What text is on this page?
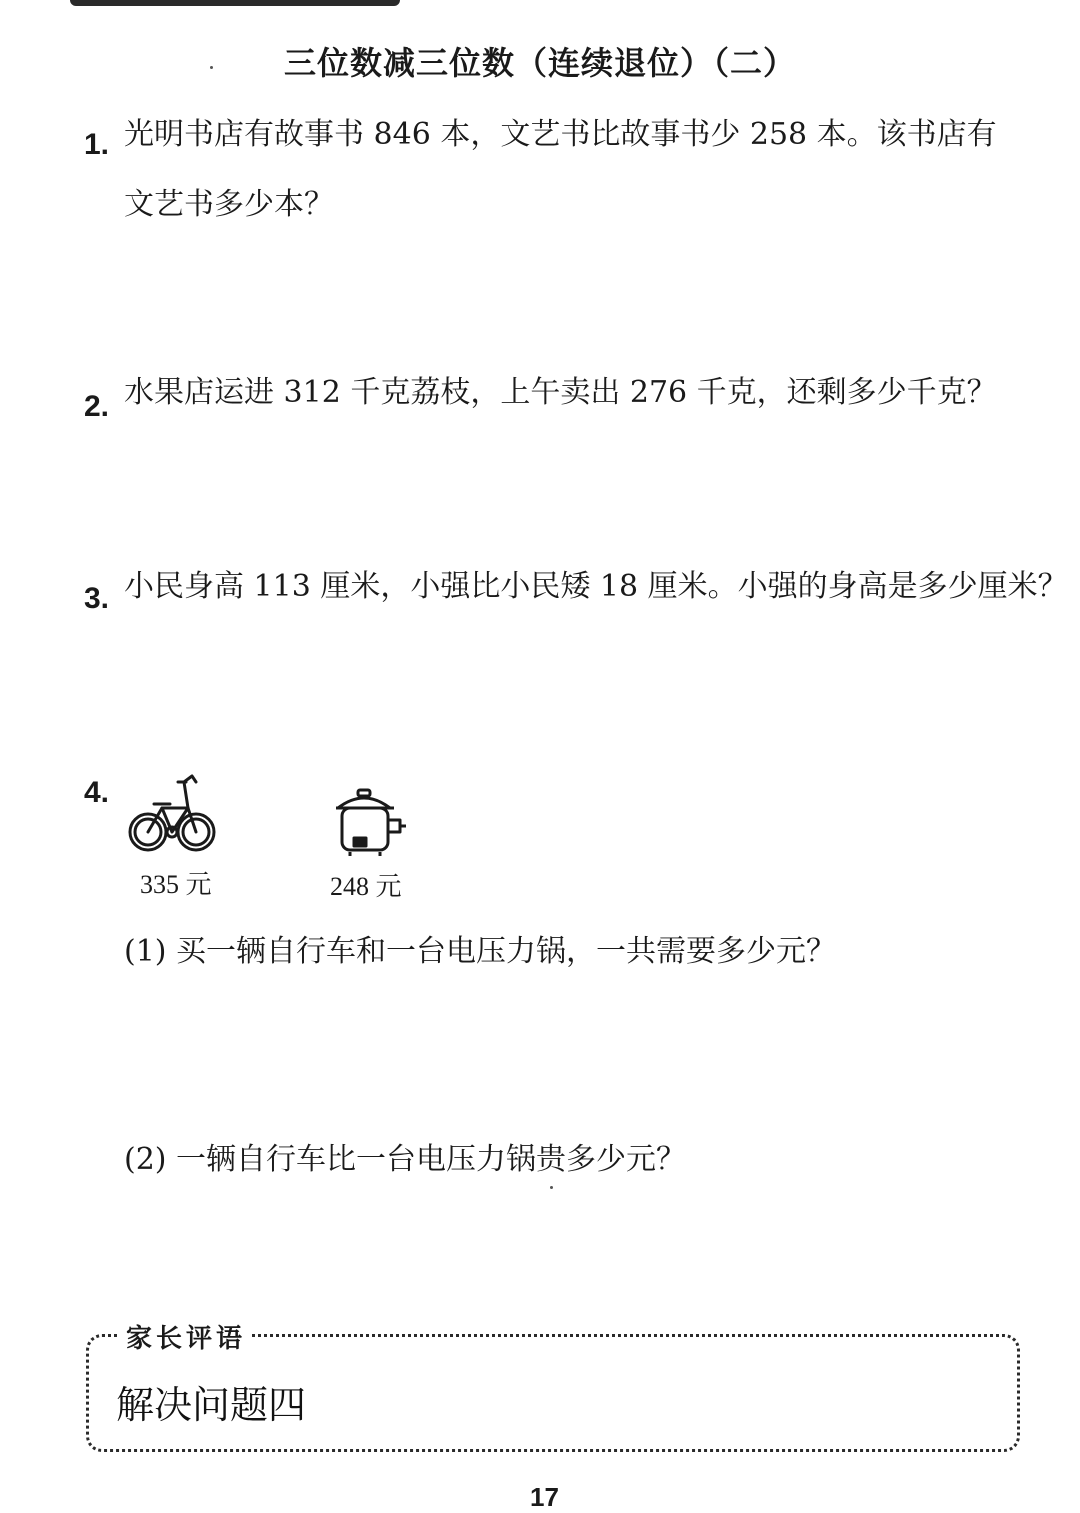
三位数减三位数（连续退位）（二）
1. 光明书店有故事书 846 本，文艺书比故事书少 258 本。该书店有
文艺书多少本？
2. 水果店运进 312 千克荔枝，上午卖出 276 千克，还剩多少千克？
3. 小民身高 113 厘米，小强比小民矮 18 厘米。小强的身高是多少厘米？
4.
335 元	248 元
(1) 买一辆自行车和一台电压力锅，一共需要多少元？
(2) 一辆自行车比一台电压力锅贵多少元？
家长评语
解决问题四
17
